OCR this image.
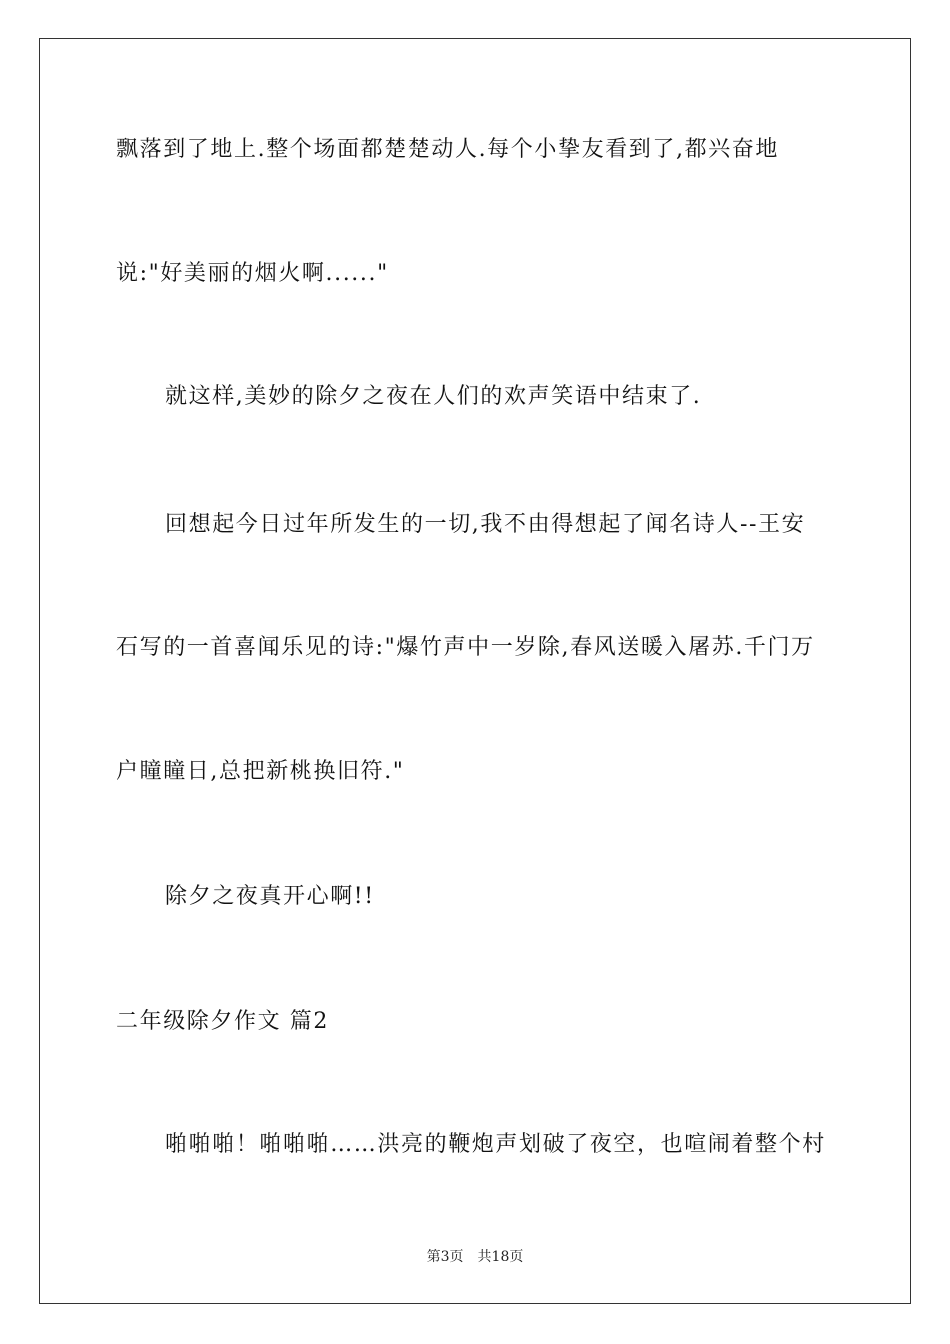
飘落到了地上.整个场面都楚楚动人.每个小挚友看到了,都兴奋地
说:"好美丽的烟火啊......"
就这样,美妙的除夕之夜在人们的欢声笑语中结束了.
回想起今日过年所发生的一切,我不由得想起了闻名诗人--王安
石写的一首喜闻乐见的诗:"爆竹声中一岁除,春风送暖入屠苏.千门万
户瞳瞳日,总把新桃换旧符."
除夕之夜真开心啊!!
二年级除夕作文 篇2
啪啪啪！啪啪啪……洪亮的鞭炮声划破了夜空，也喧闹着整个村
第3页 共18页
